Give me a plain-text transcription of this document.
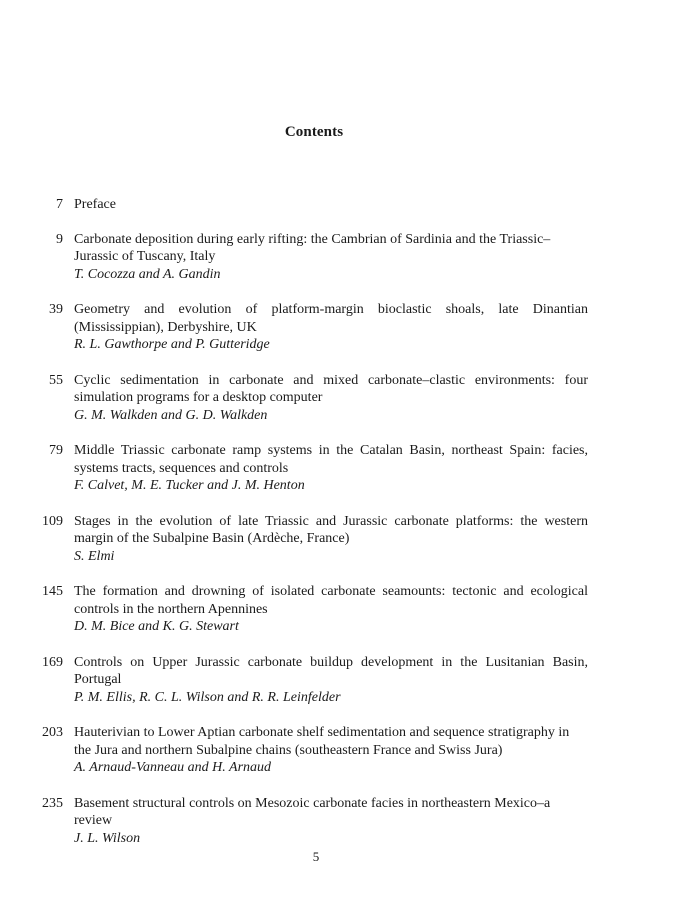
Contents
7 Preface
9 Carbonate deposition during early rifting: the Cambrian of Sardinia and the Triassic–Jurassic of Tuscany, Italy
T. Cocozza and A. Gandin
39 Geometry and evolution of platform-margin bioclastic shoals, late Dinantian (Mississippian), Derbyshire, UK
R. L. Gawthorpe and P. Gutteridge
55 Cyclic sedimentation in carbonate and mixed carbonate–clastic environments: four simulation programs for a desktop computer
G. M. Walkden and G. D. Walkden
79 Middle Triassic carbonate ramp systems in the Catalan Basin, northeast Spain: facies, systems tracts, sequences and controls
F. Calvet, M. E. Tucker and J. M. Henton
109 Stages in the evolution of late Triassic and Jurassic carbonate platforms: the western margin of the Subalpine Basin (Ardèche, France)
S. Elmi
145 The formation and drowning of isolated carbonate seamounts: tectonic and ecological controls in the northern Apennines
D. M. Bice and K. G. Stewart
169 Controls on Upper Jurassic carbonate buildup development in the Lusitanian Basin, Portugal
P. M. Ellis, R. C. L. Wilson and R. R. Leinfelder
203 Hauterivian to Lower Aptian carbonate shelf sedimentation and sequence stratigraphy in the Jura and northern Subalpine chains (southeastern France and Swiss Jura)
A. Arnaud-Vanneau and H. Arnaud
235 Basement structural controls on Mesozoic carbonate facies in northeastern Mexico–a review
J. L. Wilson
5
